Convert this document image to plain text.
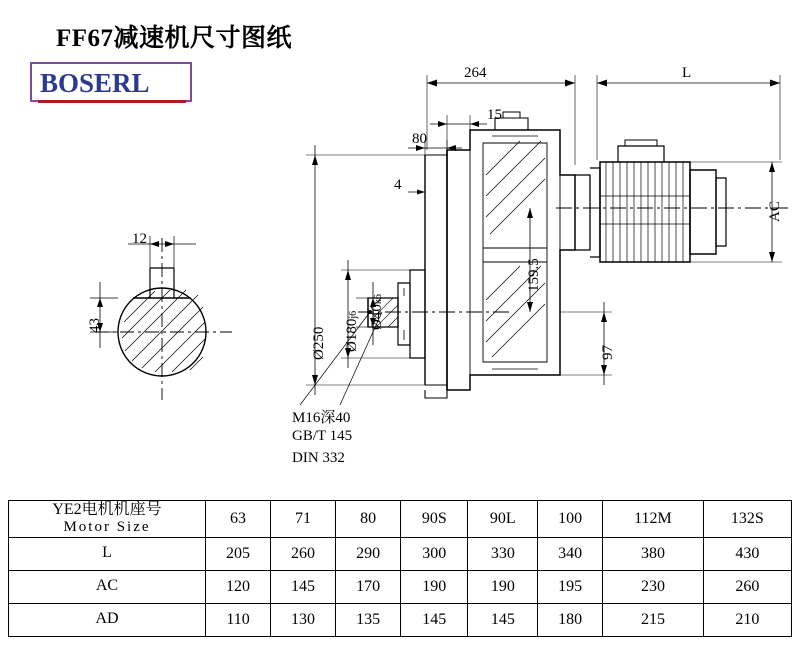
FF67减速机尺寸图纸
BOSERL
12
43
264	L
15
80
4
AC
159.5
97
Ø250 Ø180j6 Ø40k6
M16深40
GB/T 145
DIN 332
YE2电机机座号
Motor Size	63	71	80	90S	90L	100	112M	132S
L	205	260	290	300	330	340	380	430
AC	120	145	170	190	190	195	230	260
AD	110	130	135	145	145	180	215	210
